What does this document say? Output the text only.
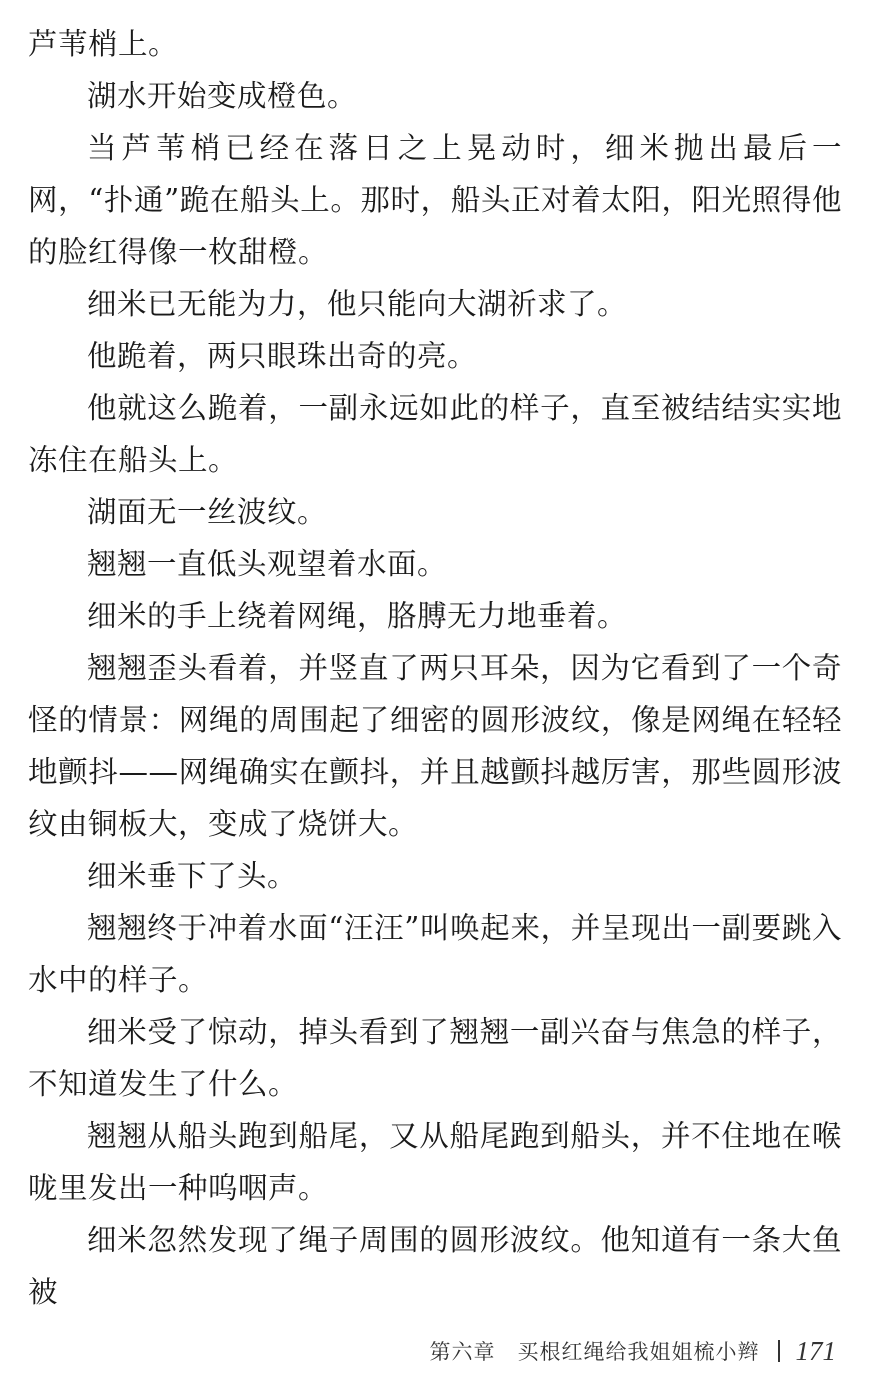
芦苇梢上。

湖水开始变成橙色。

当芦苇梢已经在落日之上晃动时，细米抛出最后一网，“扑通”跪在船头上。那时，船头正对着太阳，阳光照得他的脸红得像一枚甜橙。

细米已无能为力，他只能向大湖祈求了。

他跪着，两只眼珠出奇的亮。

他就这么跪着，一副永远如此的样子，直至被结结实实地冻住在船头上。

湖面无一丝波纹。

翘翘一直低头观望着水面。

细米的手上绕着网绳，胳膊无力地垂着。

翘翘歪头看着，并竖直了两只耳朵，因为它看到了一个奇怪的情景：网绳的周围起了细密的圆形波纹，像是网绳在轻轻地颤抖——网绳确实在颤抖，并且越颤抖越厉害，那些圆形波纹由铜板大，变成了烧饼大。

细米垂下了头。

翘翘终于冲着水面“汪汪”叫唤起来，并呈现出一副要跳入水中的样子。

细米受了惊动，掉头看到了翘翘一副兴奋与焦急的样子，不知道发生了什么。

翘翘从船头跑到船尾，又从船尾跑到船头，并不住地在喉咙里发出一种呜咽声。

细米忽然发现了绳子周围的圆形波纹。他知道有一条大鱼被

第六章　买根红绳给我姐姐梳小辫 171
